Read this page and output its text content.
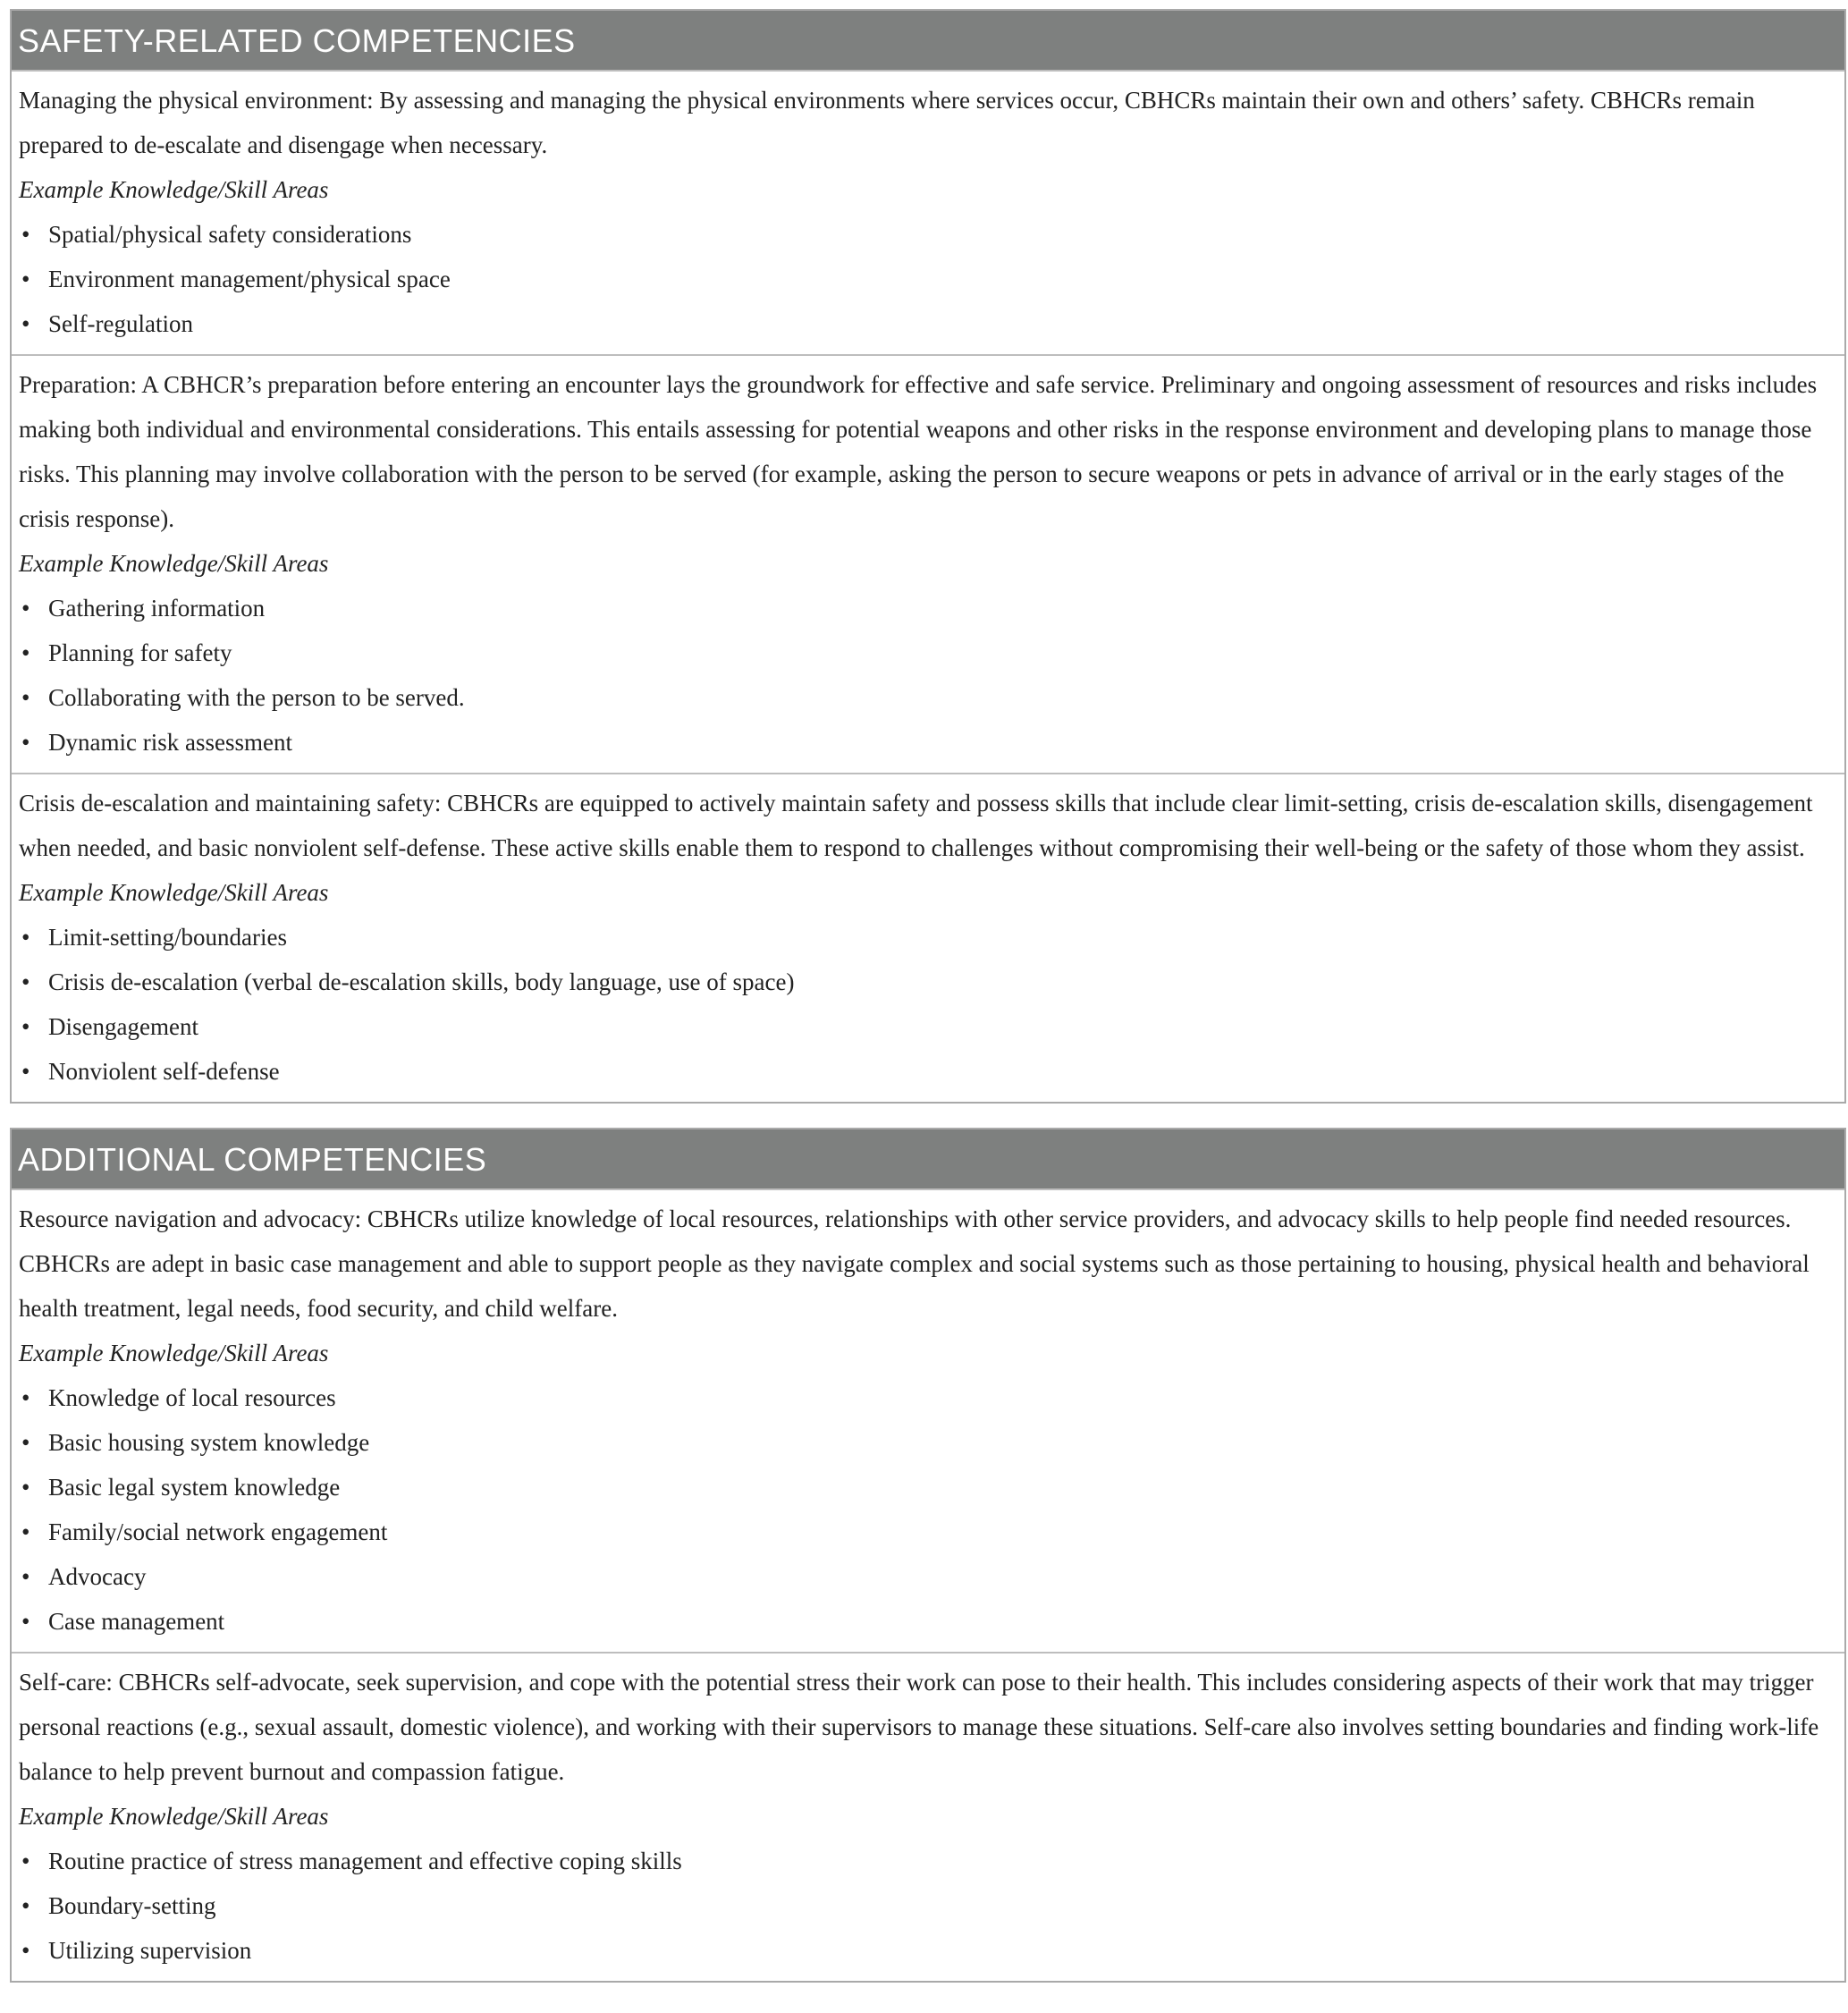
SAFETY-RELATED COMPETENCIES

Managing the physical environment: By assessing and managing the physical environments where services occur, CBHCRs maintain their own and others’ safety. CBHCRs remain prepared to de-escalate and disengage when necessary.

Example Knowledge/Skill Areas

• Spatial/physical safety considerations
• Environment management/physical space
• Self-regulation

Preparation: A CBHCR’s preparation before entering an encounter lays the groundwork for effective and safe service. Preliminary and ongoing assessment of resources and risks includes making both individual and environmental considerations. This entails assessing for potential weapons and other risks in the response environment and developing plans to manage those risks. This planning may involve collaboration with the person to be served (for example, asking the person to secure weapons or pets in advance of arrival or in the early stages of the crisis response).

Example Knowledge/Skill Areas

• Gathering information
• Planning for safety
• Collaborating with the person to be served.
• Dynamic risk assessment

Crisis de-escalation and maintaining safety: CBHCRs are equipped to actively maintain safety and possess skills that include clear limit-setting, crisis de-escalation skills, disengagement when needed, and basic nonviolent self-defense. These active skills enable them to respond to challenges without compromising their well-being or the safety of those whom they assist.

Example Knowledge/Skill Areas

• Limit-setting/boundaries
• Crisis de-escalation (verbal de-escalation skills, body language, use of space)
• Disengagement
• Nonviolent self-defense
ADDITIONAL COMPETENCIES

Resource navigation and advocacy: CBHCRs utilize knowledge of local resources, relationships with other service providers, and advocacy skills to help people find needed resources. CBHCRs are adept in basic case management and able to support people as they navigate complex and social systems such as those pertaining to housing, physical health and behavioral health treatment, legal needs, food security, and child welfare.

Example Knowledge/Skill Areas

• Knowledge of local resources
• Basic housing system knowledge
• Basic legal system knowledge
• Family/social network engagement
• Advocacy
• Case management

Self-care: CBHCRs self-advocate, seek supervision, and cope with the potential stress their work can pose to their health. This includes considering aspects of their work that may trigger personal reactions (e.g., sexual assault, domestic violence), and working with their supervisors to manage these situations. Self-care also involves setting boundaries and finding work-life balance to help prevent burnout and compassion fatigue.

Example Knowledge/Skill Areas

• Routine practice of stress management and effective coping skills
• Boundary-setting
• Utilizing supervision
